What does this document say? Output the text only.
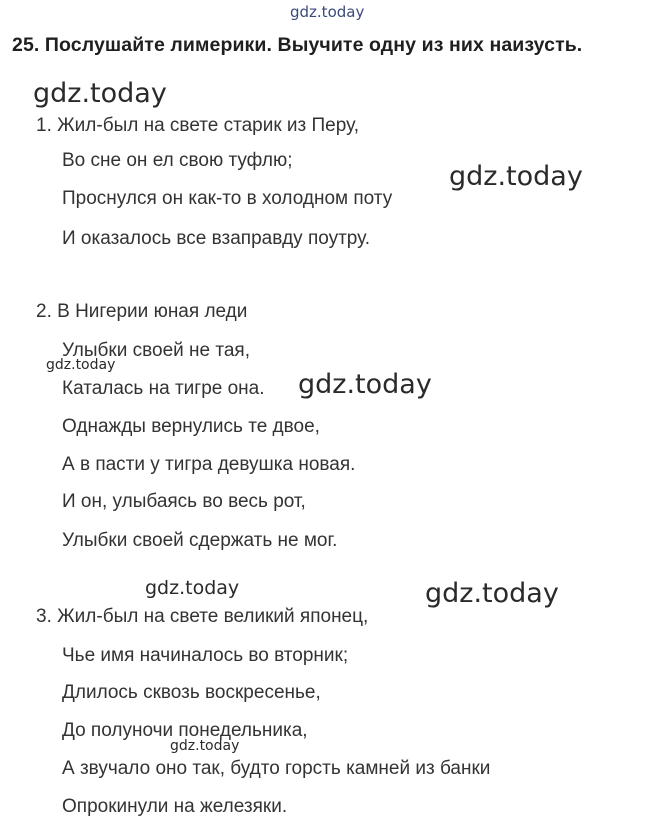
gdz.today
25. Послушайте лимерики. Выучите одну из них наизусть.
gdz.today
1. Жил-был на свете старик из Перу,
Во сне он ел свою туфлю;
Проснулся он как-то в холодном поту
И оказалось все взаправду поутру.
gdz.today
2. В Нигерии юная леди
Улыбки своей не тая,
Каталась на тигре она.
Однажды вернулись те двое,
А в пасти у тигра девушка новая.
И он, улыбаясь во весь рот,
Улыбки своей сдержать не мог.
gdz.today
gdz.today
gdz.today	gdz.today
3. Жил-был на свете великий японец,
Чье имя начиналось во вторник;
Длилось сквозь воскресенье,
До полуночи понедельника,
А звучало оно так, будто горсть камней из банки
Опрокинули на железяки.
gdz.today
